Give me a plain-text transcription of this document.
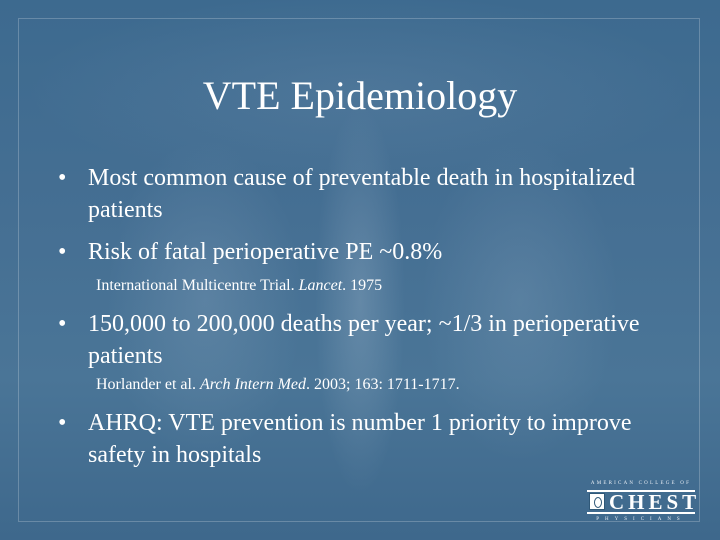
VTE Epidemiology
• Most common cause of preventable death in hospitalized patients
• Risk of fatal perioperative PE ~0.8%
International Multicentre Trial. Lancet. 1975
• 150,000 to 200,000 deaths per year; ~1/3 in perioperative patients
Horlander et al. Arch Intern Med. 2003; 163: 1711-1717.
• AHRQ: VTE prevention is number 1 priority to improve safety in hospitals
AMERICAN COLLEGE OF
CHEST
PHYSICIANS
